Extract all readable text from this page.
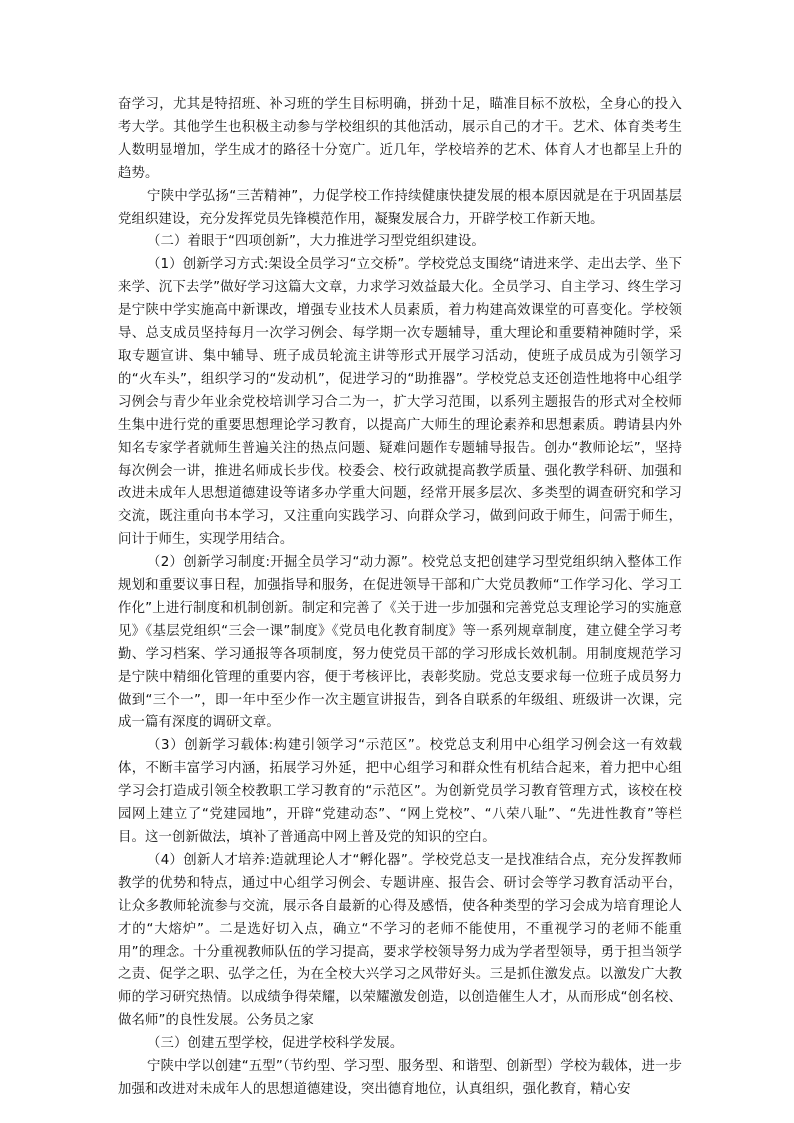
奋学习，尤其是特招班、补习班的学生目标明确，拼劲十足，瞄准目标不放松，全身心的投入考大学。其他学生也积极主动参与学校组织的其他活动，展示自己的才干。艺术、体育类考生人数明显增加，学生成才的路径十分宽广。近几年，学校培养的艺术、体育人才也都呈上升的趋势。

宁陕中学弘扬“三苦精神”，力促学校工作持续健康快捷发展的根本原因就是在于巩固基层党组织建设，充分发挥党员先锋模范作用，凝聚发展合力，开辟学校工作新天地。

（二）着眼于“四项创新”，大力推进学习型党组织建设。

（1）创新学习方式:架设全员学习“立交桥”。学校党总支围绕“请进来学、走出去学、坐下来学、沉下去学”做好学习这篇大文章，力求学习效益最大化。全员学习、自主学习、终生学习是宁陕中学实施高中新课改，增强专业技术人员素质，着力构建高效课堂的可喜变化。学校领导、总支成员坚持每月一次学习例会、每学期一次专题辅导，重大理论和重要精神随时学，采取专题宣讲、集中辅导、班子成员轮流主讲等形式开展学习活动，使班子成员成为引领学习的“火车头”，组织学习的“发动机”，促进学习的“助推器”。学校党总支还创造性地将中心组学习例会与青少年业余党校培训学习合二为一，扩大学习范围，以系列主题报告的形式对全校师生集中进行党的重要思想理论学习教育，以提高广大师生的理论素养和思想素质。聘请县内外知名专家学者就师生普遍关注的热点问题、疑难问题作专题辅导报告。创办“教师论坛”，坚持每次例会一讲，推进名师成长步伐。校委会、校行政就提高教学质量、强化教学科研、加强和改进未成年人思想道德建设等诸多办学重大问题，经常开展多层次、多类型的调查研究和学习交流，既注重向书本学习，又注重向实践学习、向群众学习，做到问政于师生，问需于师生，问计于师生，实现学用结合。

（2）创新学习制度:开掘全员学习“动力源”。校党总支把创建学习型党组织纳入整体工作规划和重要议事日程，加强指导和服务，在促进领导干部和广大党员教师“工作学习化、学习工作化”上进行制度和机制创新。制定和完善了《关于进一步加强和完善党总支理论学习的实施意见》《基层党组织“三会一课”制度》《党员电化教育制度》等一系列规章制度，建立健全学习考勤、学习档案、学习通报等各项制度，努力使党员干部的学习形成长效机制。用制度规范学习是宁陕中精细化管理的重要内容，便于考核评比，表彰奖励。党总支要求每一位班子成员努力做到“三个一”，即一年中至少作一次主题宣讲报告，到各自联系的年级组、班级讲一次课，完成一篇有深度的调研文章。

（3）创新学习载体:构建引领学习“示范区”。校党总支利用中心组学习例会这一有效载体，不断丰富学习内涵，拓展学习外延，把中心组学习和群众性有机结合起来，着力把中心组学习会打造成引领全校教职工学习教育的“示范区”。为创新党员学习教育管理方式，该校在校园网上建立了“党建园地”，开辟“党建动态”、“网上党校”、“八荣八耻”、“先进性教育”等栏目。这一创新做法，填补了普通高中网上普及党的知识的空白。

（4）创新人才培养:造就理论人才“孵化器”。学校党总支一是找准结合点，充分发挥教师教学的优势和特点，通过中心组学习例会、专题讲座、报告会、研讨会等学习教育活动平台，让众多教师轮流参与交流，展示各自最新的心得及感悟，使各种类型的学习会成为培育理论人才的“大熔炉”。二是选好切入点，确立“不学习的老师不能使用，不重视学习的老师不能重用”的理念。十分重视教师队伍的学习提高，要求学校领导努力成为学者型领导，勇于担当领学之责、促学之职、弘学之任，为在全校大兴学习之风带好头。三是抓住激发点。以激发广大教师的学习研究热情。以成绩争得荣耀，以荣耀激发创造，以创造催生人才，从而形成“创名校、做名师”的良性发展。公务员之家

（三）创建五型学校，促进学校科学发展。

宁陕中学以创建“五型”（节约型、学习型、服务型、和谐型、创新型）学校为载体，进一步加强和改进对未成年人的思想道德建设，突出德育地位，认真组织，强化教育，精心安
